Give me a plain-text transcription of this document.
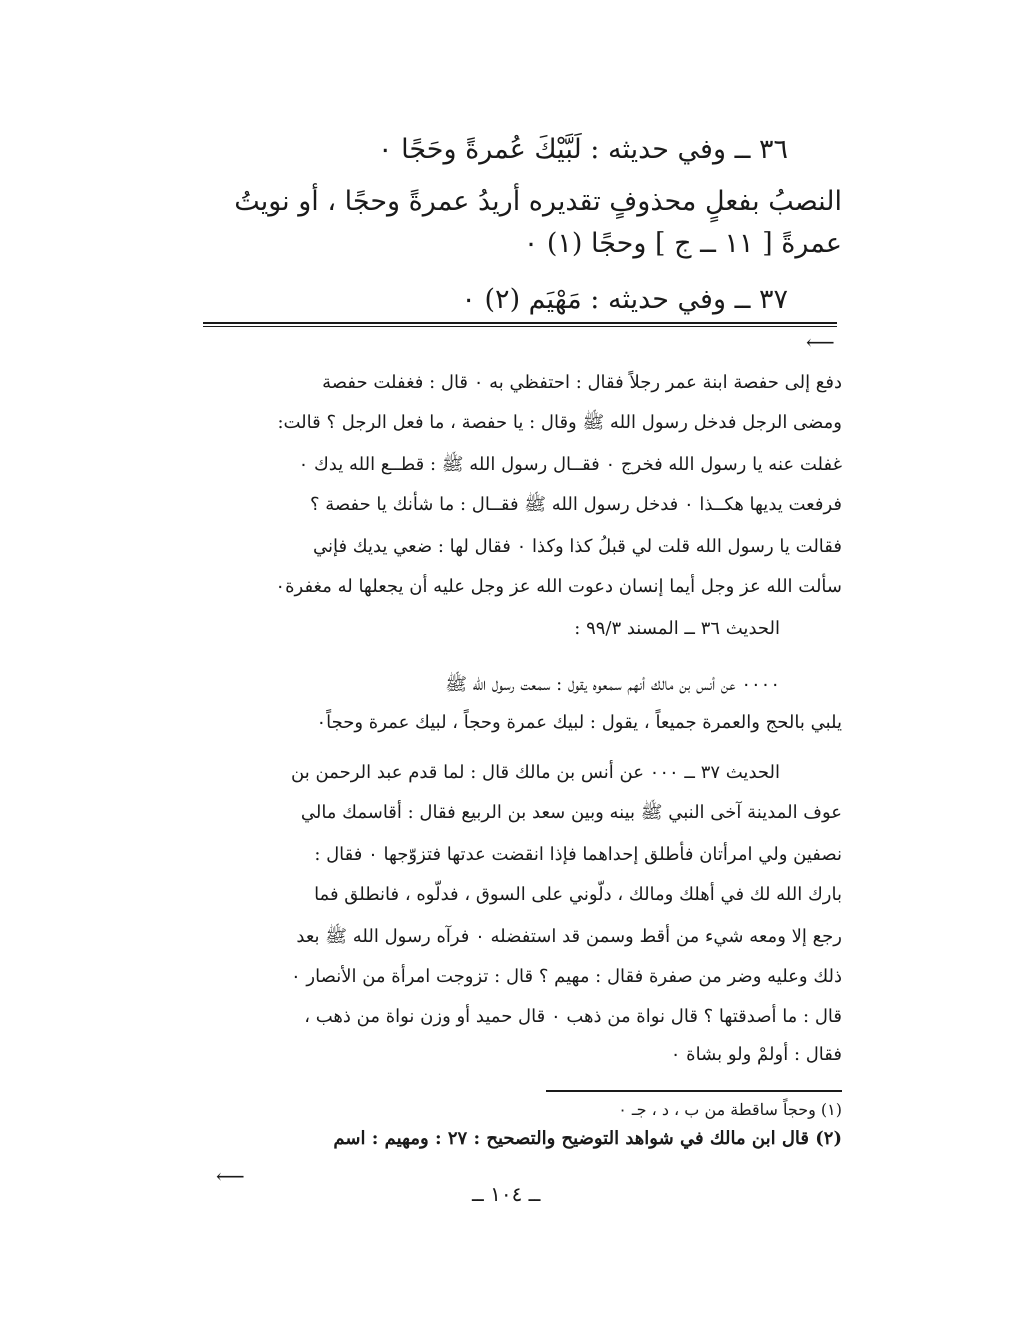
٣٦ ــ وفي حديثه : لَبَّيْكَ عُمرةً وحَجًا ٠
النصبُ بفعلٍ محذوفٍ تقديره أريدُ عمرةً وحجًا ، أو نويتُ
عمرةً [ ١١ ــ ج ] وحجًا (١) ٠
٣٧ ــ وفي حديثه : مَهْيَم (٢) ٠
⟵
دفع إلى حفصة ابنة عمر رجلاً فقال : احتفظي به ٠ قال : فغفلت حفصة
ومضى الرجل فدخل رسول الله ﷺ وقال : يا حفصة ، ما فعل الرجل ؟ قالت:
غفلت عنه يا رسول الله فخرج ٠ فقــال رسول الله ﷺ : قطــع الله يدك ٠
فرفعت يديها هكــذا ٠ فدخل رسول الله ﷺ فقــال : ما شأنك يا حفصة ؟
فقالت يا رسول الله قلت لي قبلُ كذا وكذا ٠ فقال لها : ضعي يديك فإني
سألت الله عز وجل أيما إنسان دعوت الله عز وجل عليه أن يجعلها له مغفرة٠
الحديث ٣٦ ــ المسند ٩٩/٣ :
٠٠٠٠ عن أنس بن مالك أنهم سمعوه يقول : سمعت رسول الله ﷺ
يلبي بالحج والعمرة جميعاً ، يقول : لبيك عمرة وحجاً ، لبيك عمرة وحجاً٠
الحديث ٣٧ ــ ٠٠٠ عن أنس بن مالك قال : لما قدم عبد الرحمن بن
عوف المدينة آخى النبي ﷺ بينه وبين سعد بن الربيع فقال : أقاسمك مالي
نصفين ولي امرأتان فأطلق إحداهما فإذا انقضت عدتها فتزوّجها ٠ فقال :
بارك الله لك في أهلك ومالك ، دلّوني على السوق ، فدلّوه ، فانطلق فما
رجع إلا ومعه شيء من أقط وسمن قد استفضله ٠ فرآه رسول الله ﷺ بعد
ذلك وعليه وضر من صفرة فقال : مهيم ؟ قال : تزوجت امرأة من الأنصار ٠
قال : ما أصدقتها ؟ قال نواة من ذهب ٠ قال حميد أو وزن نواة من ذهب ،
فقال : أولمْ ولو بشاة ٠
(١) وحجاً ساقطة من ب ، د ، جـ ٠
(٢) قال ابن مالك في شواهد التوضيح والتصحيح : ٢٧ : ومهيم : اسم
⟵
ــ ١٠٤ ــ
